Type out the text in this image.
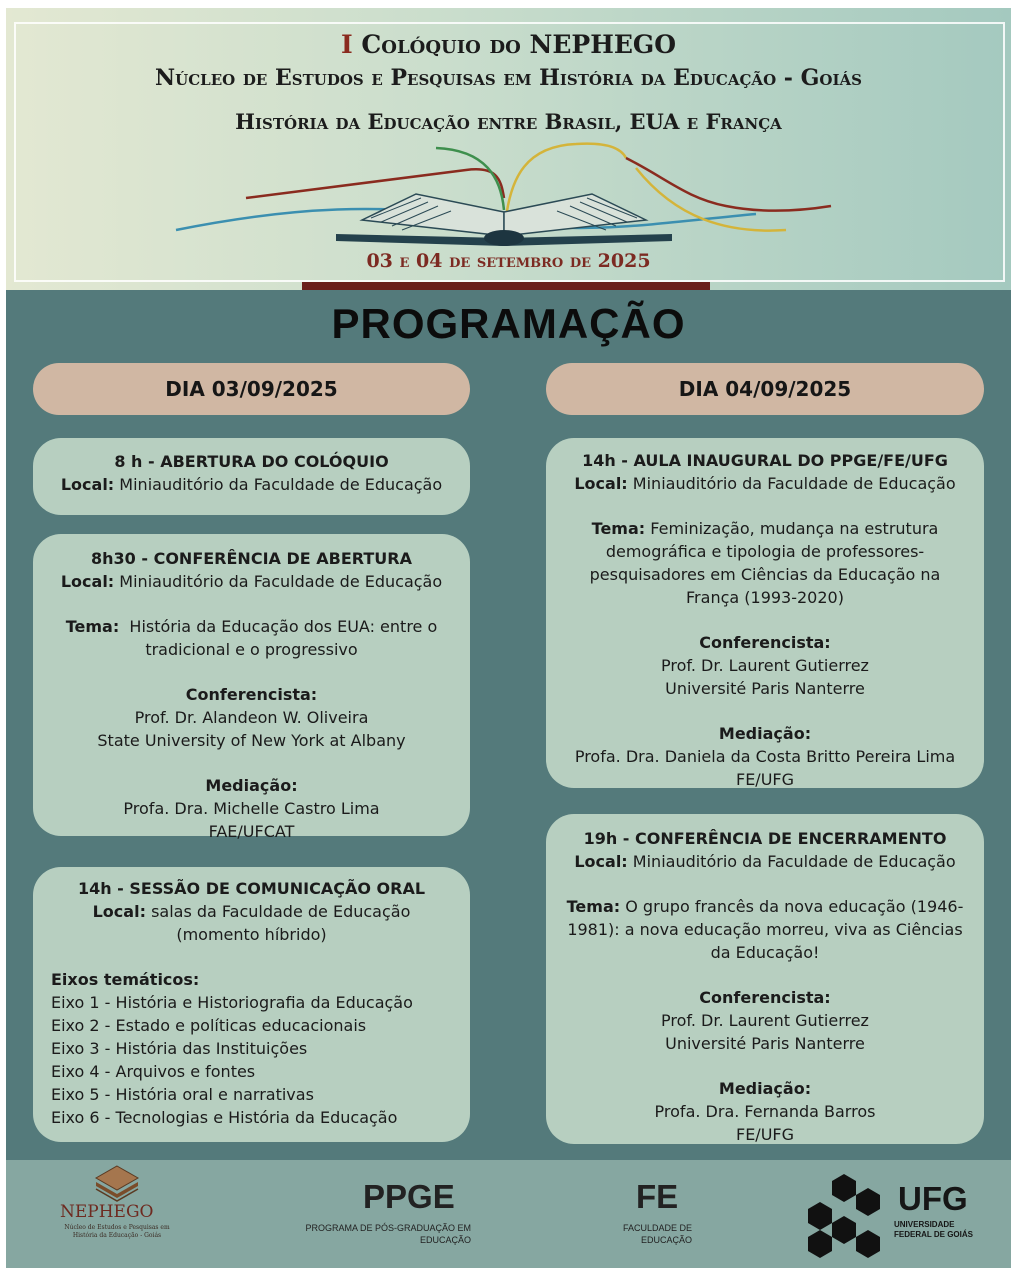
I Colóquio do NEPHEGO
Núcleo de Estudos e Pesquisas em História da Educação - Goiás
História da Educação entre Brasil, EUA e França
03 e 04 de setembro de 2025
PROGRAMAÇÃO
DIA 03/09/2025	DIA 04/09/2025
8 h - ABERTURA DO COLÓQUIO
Local: Miniauditório da Faculdade de Educação
8h30 - CONFERÊNCIA DE ABERTURA
Local: Miniauditório da Faculdade de Educação
Tema: História da Educação dos EUA: entre o
tradicional e o progressivo
Conferencista:
Prof. Dr. Alandeon W. Oliveira
State University of New York at Albany
Mediação:
Profa. Dra. Michelle Castro Lima
FAE/UFCAT
14h - SESSÃO DE COMUNICAÇÃO ORAL
Local: salas da Faculdade de Educação
(momento híbrido)
Eixos temáticos:
Eixo 1 - História e Historiografia da Educação
Eixo 2 - Estado e políticas educacionais
Eixo 3 - História das Instituições
Eixo 4 - Arquivos e fontes
Eixo 5 - História oral e narrativas
Eixo 6 - Tecnologias e História da Educação
14h - AULA INAUGURAL DO PPGE/FE/UFG
Local: Miniauditório da Faculdade de Educação
Tema: Feminização, mudança na estrutura
demográfica e tipologia de professores-
pesquisadores em Ciências da Educação na
França (1993-2020)
Conferencista:
Prof. Dr. Laurent Gutierrez
Université Paris Nanterre
Mediação:
Profa. Dra. Daniela da Costa Britto Pereira Lima
FE/UFG
19h - CONFERÊNCIA DE ENCERRAMENTO
Local: Miniauditório da Faculdade de Educação
Tema: O grupo francês da nova educação (1946-
1981): a nova educação morreu, viva as Ciências
da Educação!
Conferencista:
Prof. Dr. Laurent Gutierrez
Université Paris Nanterre
Mediação:
Profa. Dra. Fernanda Barros
FE/UFG
NEPHEGO
Núcleo de Estudos e Pesquisas em História da Educação - Goiás
PPGE
PROGRAMA DE PÓS-GRADUAÇÃO EM
EDUCAÇÃO
FE
FACULDADE DE
EDUCAÇÃO
UFG
UNIVERSIDADE
FEDERAL DE GOIÁS
